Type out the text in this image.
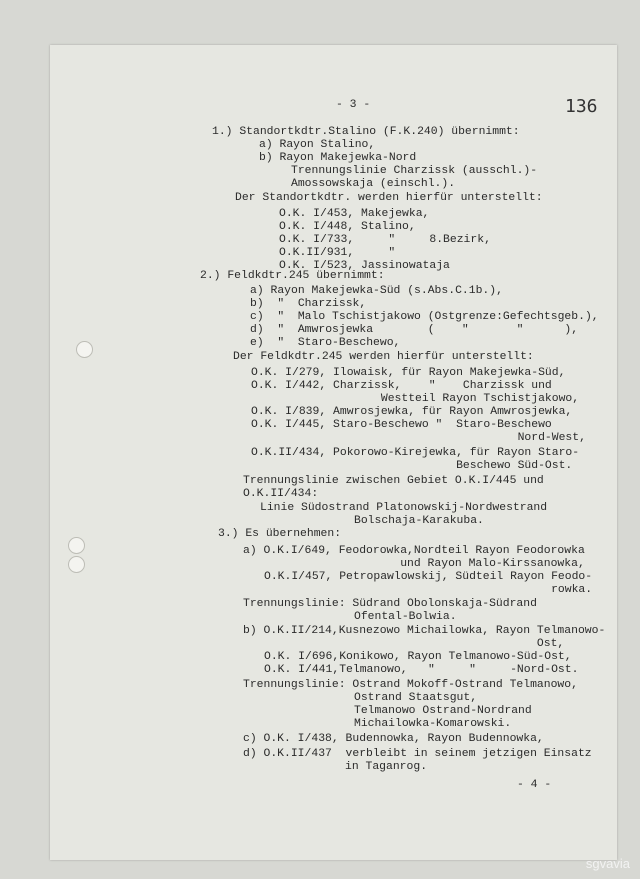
- 3 -	136
1.) Standortkdtr.Stalino (F.K.240) übernimmt:
a) Rayon Stalino,
b) Rayon Makejewka-Nord
Trennungslinie Charzissk (ausschl.)-
Amossowskaja (einschl.).
Der Standortkdtr. werden hierfür unterstellt:
O.K. I/453, Makejewka,
O.K. I/448, Stalino,
O.K. I/733,     "     8.Bezirk,
O.K.II/931,     "
O.K. I/523, Jassinowataja
2.) Feldkdtr.245 übernimmt:
a) Rayon Makejewka-Süd (s.Abs.C.1b.),
b)  "  Charzissk,
c)  "  Malo Tschistjakowo (Ostgrenze:Gefechtsgeb.),
d)  "  Amwrosjewka        (    "       "      ),
e)  "  Staro-Beschewo,
Der Feldkdtr.245 werden hierfür unterstellt:
O.K. I/279, Ilowaisk, für Rayon Makejewka-Süd,
O.K. I/442, Charzissk,    "    Charzissk und
Westteil Rayon Tschistjakowo,
O.K. I/839, Amwrosjewka, für Rayon Amwrosjewka,
O.K. I/445, Staro-Beschewo "  Staro-Beschewo
Nord-West,
O.K.II/434, Pokorowo-Kirejewka, für Rayon Staro-
Beschewo Süd-Ost.
Trennungslinie zwischen Gebiet O.K.I/445 und
O.K.II/434:
Linie Südostrand Platonowskij-Nordwestrand
Bolschaja-Karakuba.
3.) Es übernehmen:
a) O.K.I/649, Feodorowka,Nordteil Rayon Feodorowka
und Rayon Malo-Kirssanowka,
O.K.I/457, Petropawlowskij, Südteil Rayon Feodo-
rowka.
Trennungslinie: Südrand Obolonskaja-Südrand
Ofental-Bolwia.
b) O.K.II/214,Kusnezowo Michailowka, Rayon Telmanowo-
Ost,
O.K. I/696,Konikowo, Rayon Telmanowo-Süd-Ost,
O.K. I/441,Telmanowo,   "     "     -Nord-Ost.
Trennungslinie: Ostrand Mokoff-Ostrand Telmanowo,
Ostrand Staatsgut,
Telmanowo Ostrand-Nordrand
Michailowka-Komarowski.
c) O.K. I/438, Budennowka, Rayon Budennowka,
d) O.K.II/437  verbleibt in seinem jetzigen Einsatz
in Taganrog.
- 4 -
sgvavia
